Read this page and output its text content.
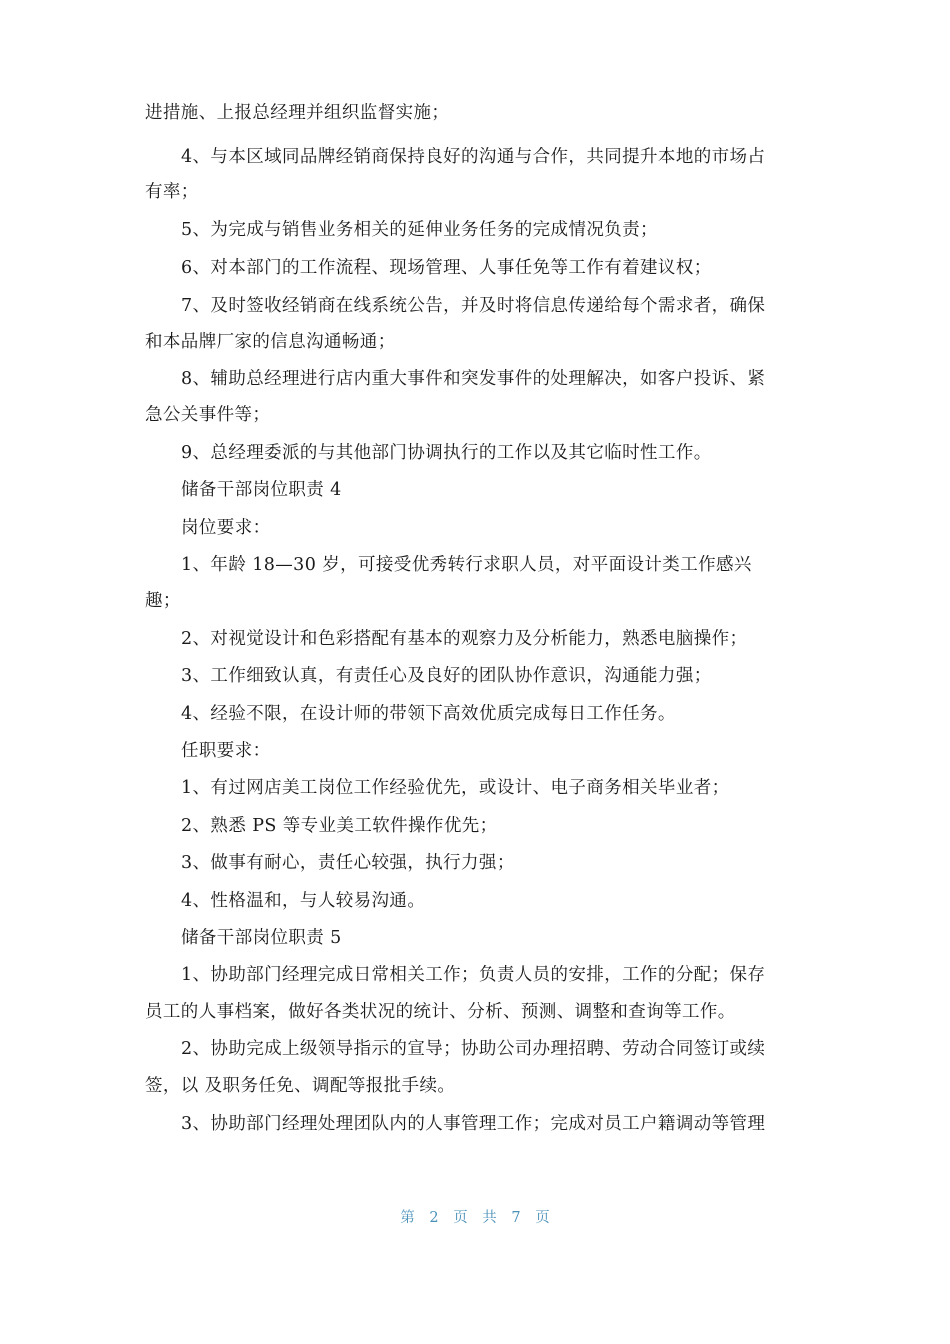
进措施、上报总经理并组织监督实施；
4、与本区域同品牌经销商保持良好的沟通与合作，共同提升本地的市场占
有率；
5、为完成与销售业务相关的延伸业务任务的完成情况负责；
6、对本部门的工作流程、现场管理、人事任免等工作有着建议权；
7、及时签收经销商在线系统公告，并及时将信息传递给每个需求者，确保
和本品牌厂家的信息沟通畅通；
8、辅助总经理进行店内重大事件和突发事件的处理解决，如客户投诉、紧
急公关事件等；
9、总经理委派的与其他部门协调执行的工作以及其它临时性工作。
储备干部岗位职责 4
岗位要求：
1、年龄 18—30 岁，可接受优秀转行求职人员，对平面设计类工作感兴
趣；
2、对视觉设计和色彩搭配有基本的观察力及分析能力，熟悉电脑操作；
3、工作细致认真，有责任心及良好的团队协作意识，沟通能力强；
4、经验不限，在设计师的带领下高效优质完成每日工作任务。
任职要求：
1、有过网店美工岗位工作经验优先，或设计、电子商务相关毕业者；
2、熟悉 PS 等专业美工软件操作优先；
3、做事有耐心，责任心较强，执行力强；
4、性格温和，与人较易沟通。
储备干部岗位职责 5
1、协助部门经理完成日常相关工作；负责人员的安排，工作的分配；保存
员工的人事档案，做好各类状况的统计、分析、预测、调整和查询等工作。
2、协助完成上级领导指示的宣导；协助公司办理招聘、劳动合同签订或续
签，以 及职务任免、调配等报批手续。
3、协助部门经理处理团队内的人事管理工作；完成对员工户籍调动等管理
第 2 页 共 7 页
